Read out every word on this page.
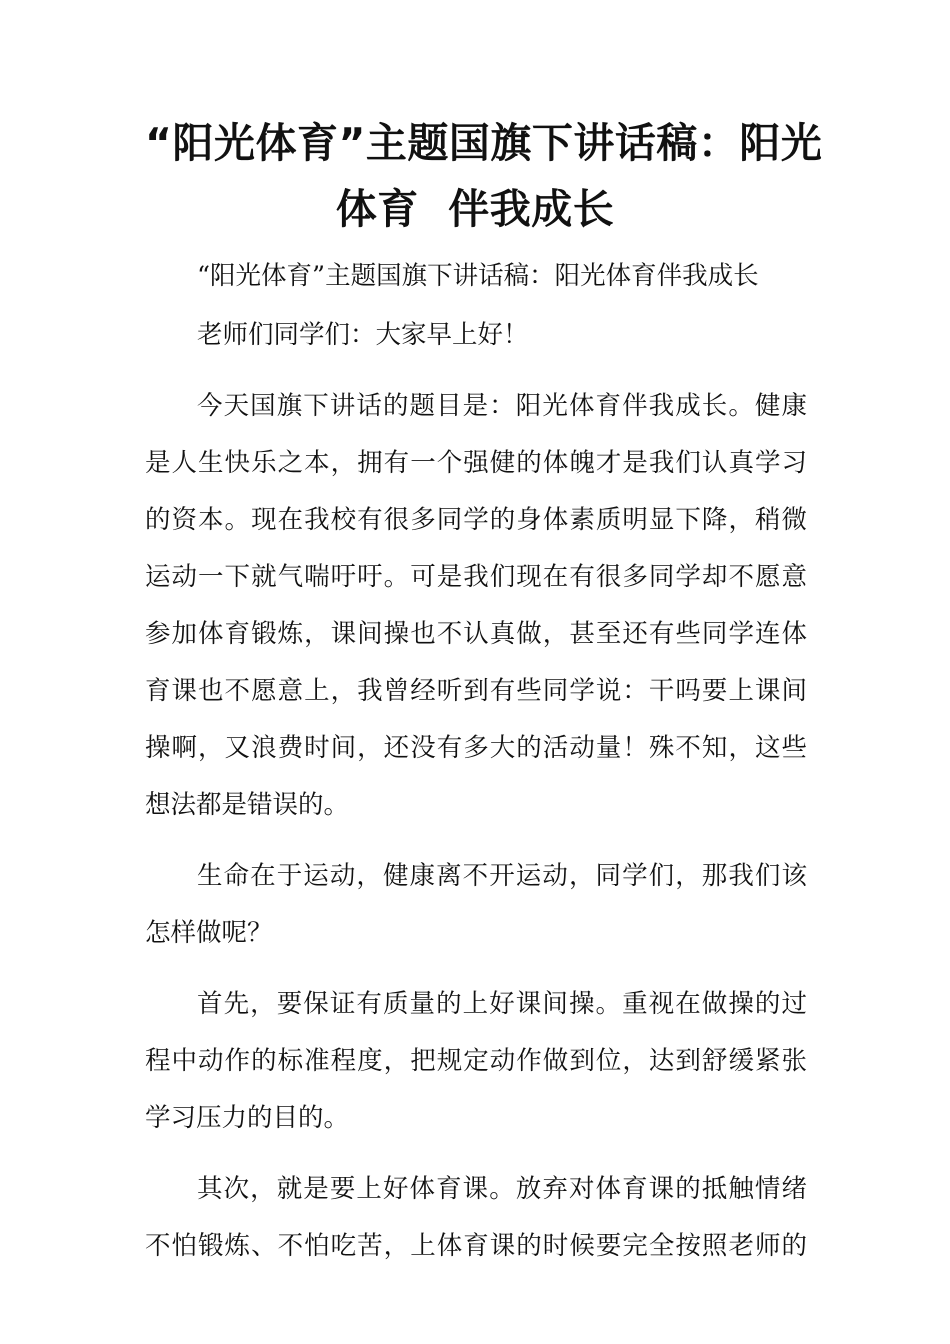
“阳光体育”主题国旗下讲话稿：阳光
体育  伴我成长
“阳光体育”主题国旗下讲话稿：阳光体育伴我成长
老师们同学们：大家早上好！
今天国旗下讲话的题目是：阳光体育伴我成长。健康
是人生快乐之本，拥有一个强健的体魄才是我们认真学习
的资本。现在我校有很多同学的身体素质明显下降，稍微
运动一下就气喘吁吁。可是我们现在有很多同学却不愿意
参加体育锻炼，课间操也不认真做，甚至还有些同学连体
育课也不愿意上，我曾经听到有些同学说：干吗要上课间
操啊，又浪费时间，还没有多大的活动量！殊不知，这些
想法都是错误的。
生命在于运动，健康离不开运动，同学们，那我们该
怎样做呢？
首先，要保证有质量的上好课间操。重视在做操的过
程中动作的标准程度，把规定动作做到位，达到舒缓紧张
学习压力的目的。
其次，就是要上好体育课。放弃对体育课的抵触情绪
不怕锻炼、不怕吃苦，上体育课的时候要完全按照老师的
